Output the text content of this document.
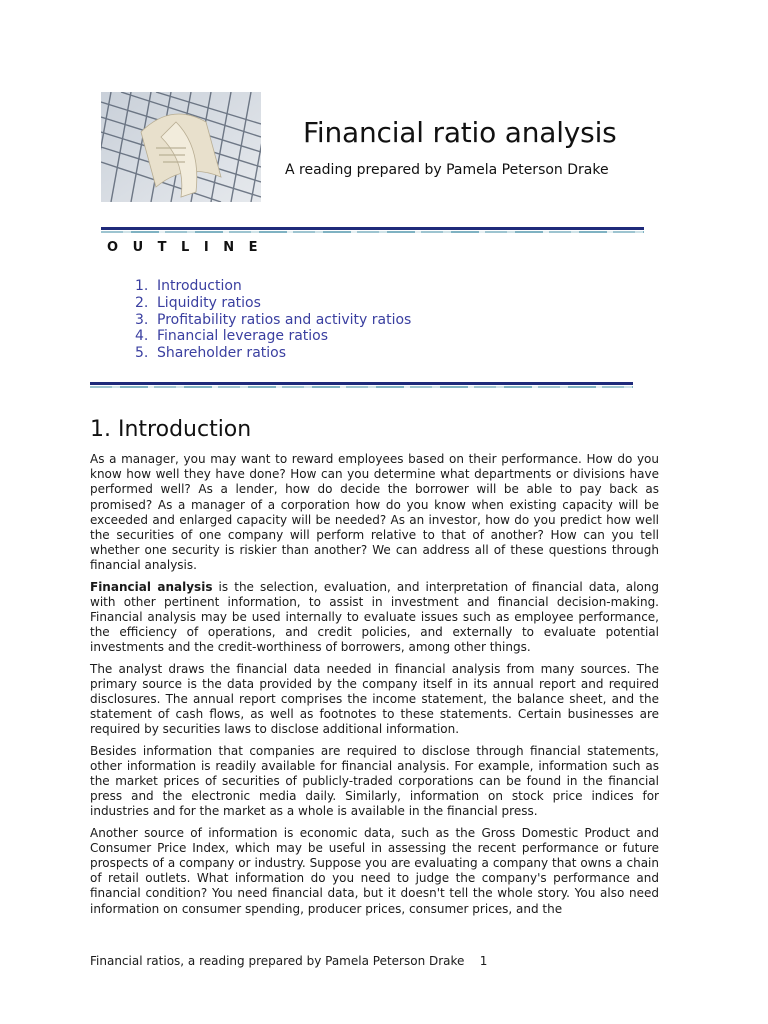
Financial ratio analysis

A reading prepared by Pamela Peterson Drake

O U T L I N E
1. Introduction
2. Liquidity ratios
3. Profitability ratios and activity ratios
4. Financial leverage ratios
5. Shareholder ratios
1. Introduction

As a manager, you may want to reward employees based on their performance. How do you know how well they have done? How can you determine what departments or divisions have performed well? As a lender, how do decide the borrower will be able to pay back as promised? As a manager of a corporation how do you know when existing capacity will be exceeded and enlarged capacity will be needed? As an investor, how do you predict how well the securities of one company will perform relative to that of another? How can you tell whether one security is riskier than another? We can address all of these questions through financial analysis.

Financial analysis is the selection, evaluation, and interpretation of financial data, along with other pertinent information, to assist in investment and financial decision-making. Financial analysis may be used internally to evaluate issues such as employee performance, the efficiency of operations, and credit policies, and externally to evaluate potential investments and the credit-worthiness of borrowers, among other things.

The analyst draws the financial data needed in financial analysis from many sources. The primary source is the data provided by the company itself in its annual report and required disclosures. The annual report comprises the income statement, the balance sheet, and the statement of cash flows, as well as footnotes to these statements. Certain businesses are required by securities laws to disclose additional information.

Besides information that companies are required to disclose through financial statements, other information is readily available for financial analysis. For example, information such as the market prices of securities of publicly-traded corporations can be found in the financial press and the electronic media daily. Similarly, information on stock price indices for industries and for the market as a whole is available in the financial press.

Another source of information is economic data, such as the Gross Domestic Product and Consumer Price Index, which may be useful in assessing the recent performance or future prospects of a company or industry. Suppose you are evaluating a company that owns a chain of retail outlets. What information do you need to judge the company's performance and financial condition? You need financial data, but it doesn't tell the whole story. You also need information on consumer spending, producer prices, consumer prices, and the

Financial ratios, a reading prepared by Pamela Peterson Drake 1
